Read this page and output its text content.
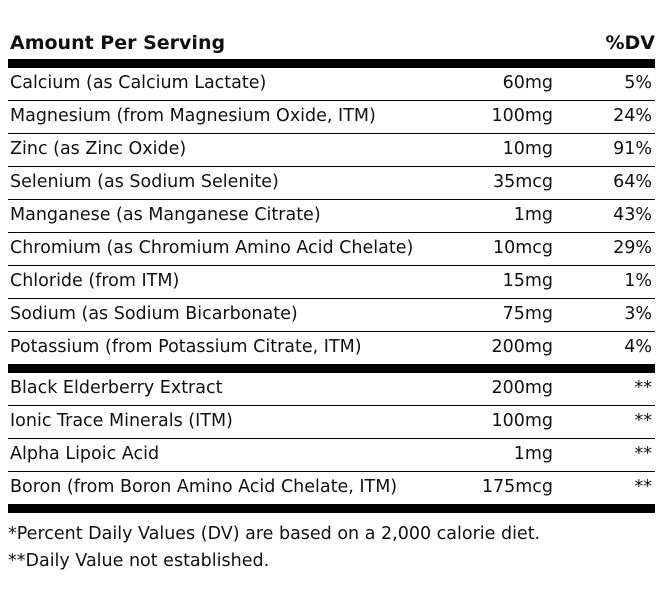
Amount Per Serving	%DV
Calcium (as Calcium Lactate)	60mg	5%
Magnesium (from Magnesium Oxide, ITM)	100mg	24%
Zinc (as Zinc Oxide)	10mg	91%
Selenium (as Sodium Selenite)	35mcg	64%
Manganese (as Manganese Citrate)	1mg	43%
Chromium (as Chromium Amino Acid Chelate)	10mcg	29%
Chloride (from ITM)	15mg	1%
Sodium (as Sodium Bicarbonate)	75mg	3%
Potassium (from Potassium Citrate, ITM)	200mg	4%
Black Elderberry Extract	200mg	**
Ionic Trace Minerals (ITM)	100mg	**
Alpha Lipoic Acid	1mg	**
Boron (from Boron Amino Acid Chelate, ITM)	175mcg	**
*Percent Daily Values (DV) are based on a 2,000 calorie diet.
**Daily Value not established.
